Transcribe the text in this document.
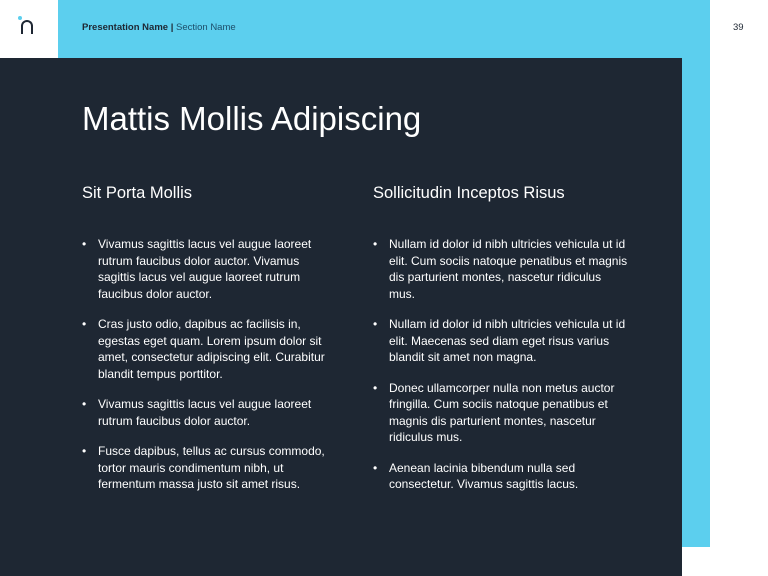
Presentation Name | Section Name	39
Mattis Mollis Adipiscing
Sit Porta Mollis
• Vivamus sagittis lacus vel augue laoreet rutrum faucibus dolor auctor. Vivamus sagittis lacus vel augue laoreet rutrum faucibus dolor auctor.
• Cras justo odio, dapibus ac facilisis in, egestas eget quam. Lorem ipsum dolor sit amet, consectetur adipiscing elit. Curabitur blandit tempus porttitor.
• Vivamus sagittis lacus vel augue laoreet rutrum faucibus dolor auctor.
• Fusce dapibus, tellus ac cursus commodo, tortor mauris condimentum nibh, ut fermentum massa justo sit amet risus.
Sollicitudin Inceptos Risus
• Nullam id dolor id nibh ultricies vehicula ut id elit. Cum sociis natoque penatibus et magnis dis parturient montes, nascetur ridiculus mus.
• Nullam id dolor id nibh ultricies vehicula ut id elit. Maecenas sed diam eget risus varius blandit sit amet non magna.
• Donec ullamcorper nulla non metus auctor fringilla. Cum sociis natoque penatibus et magnis dis parturient montes, nascetur ridiculus mus.
• Aenean lacinia bibendum nulla sed consectetur. Vivamus sagittis lacus.
